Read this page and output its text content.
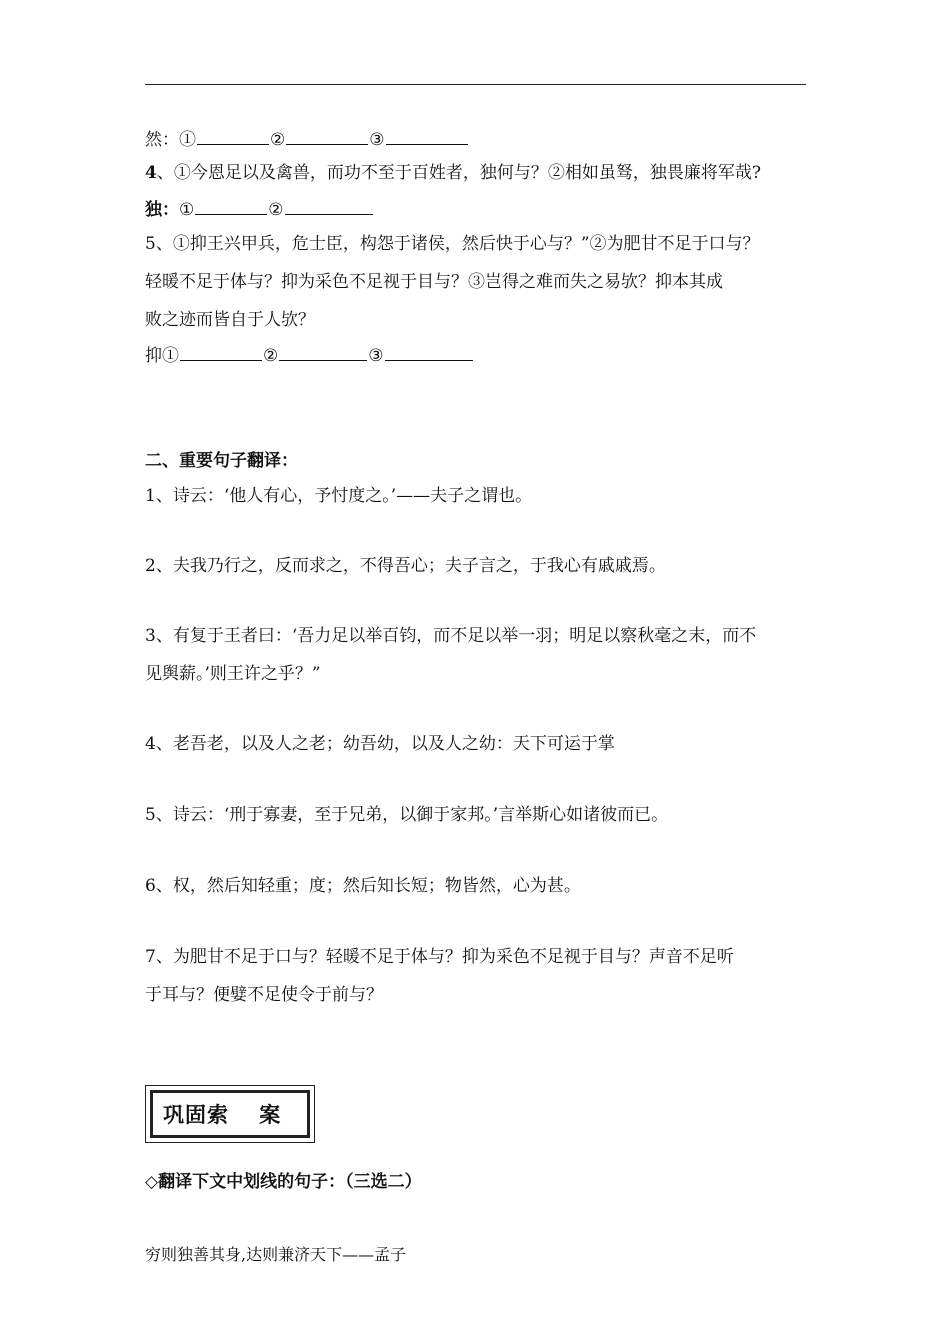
然：①	②	③
4、①今恩足以及禽兽，而功不至于百姓者，独何与？②相如虽驽，独畏廉将军哉?
独：①	②
5、①抑王兴甲兵，危士臣，构怨于诸侯，然后快于心与？”②为肥甘不足于口与？
轻暖不足于体与？抑为采色不足视于目与？③岂得之难而失之易欤？抑本其成
败之迹而皆自于人欤？
抑①	②	③
二、重要句子翻译：
1、诗云：‘他人有心，予忖度之。’——夫子之谓也。
2、夫我乃行之，反而求之，不得吾心；夫子言之，于我心有戚戚焉。
3、有复于王者曰：‘吾力足以举百钧，而不足以举一羽；明足以察秋毫之末，而不
见舆薪。’则王许之乎？”
4、老吾老，以及人之老；幼吾幼，以及人之幼：天下可运于掌
5、诗云：‘刑于寡妻，至于兄弟，以御于家邦。’言举斯心如诸彼而已。
6、权，然后知轻重；度；然后知长短；物皆然，心为甚。
7、为肥甘不足于口与？轻暖不足于体与？抑为采色不足视于目与？声音不足听
于耳与？便嬖不足使令于前与？
巩固索　 案
◇翻译下文中划线的句子：（三选二）
穷则独善其身,达则兼济天下——孟子
